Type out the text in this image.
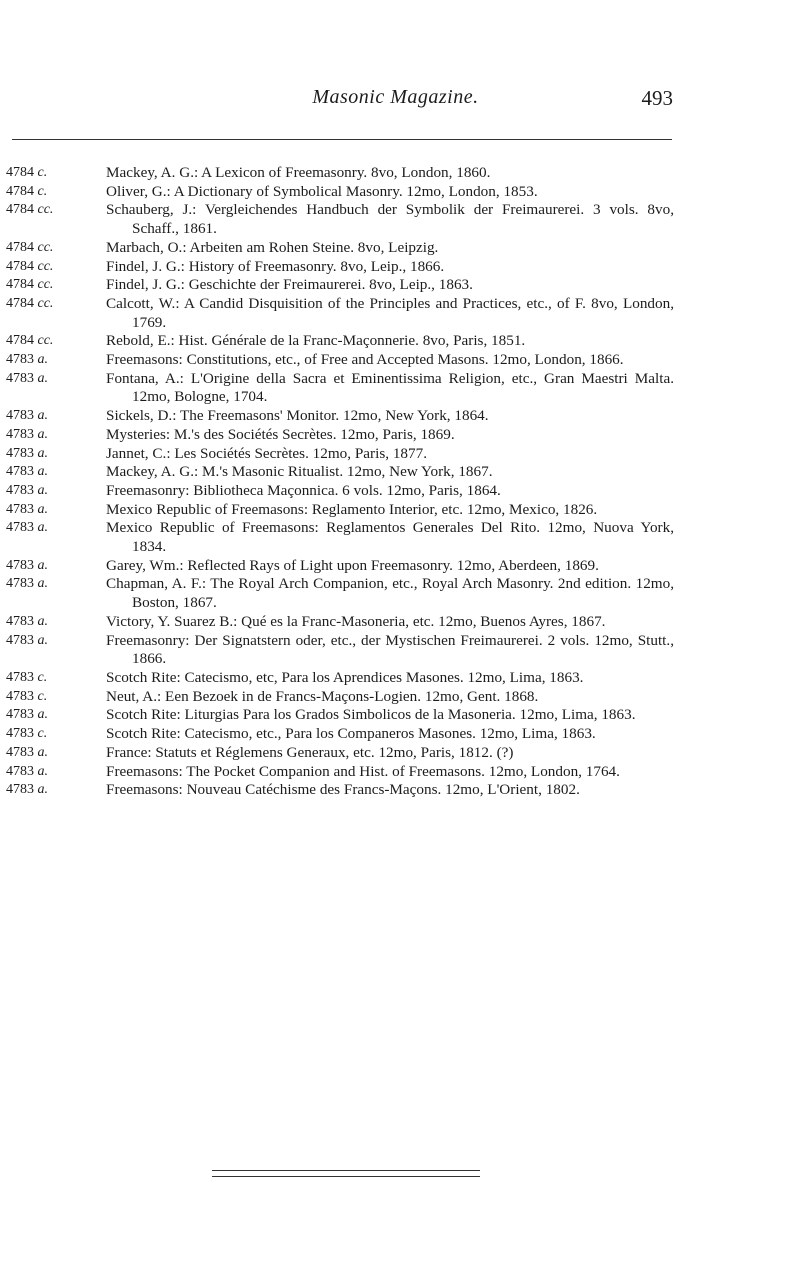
Masonic Magazine.	493
4784 c.	Mackey, A. G.: A Lexicon of Freemasonry. 8vo, London, 1860.
4784 c.	Oliver, G.: A Dictionary of Symbolical Masonry. 12mo, London, 1853.
4784 cc.	Schauberg, J.: Vergleichendes Handbuch der Symbolik der Freimaurerei. 3 vols. 8vo, Schaff., 1861.
4784 cc.	Marbach, O.: Arbeiten am Rohen Steine. 8vo, Leipzig.
4784 cc.	Findel, J. G.: History of Freemasonry. 8vo, Leip., 1866.
4784 cc.	Findel, J. G.: Geschichte der Freimaurerei. 8vo, Leip., 1863.
4784 cc.	Calcott, W.: A Candid Disquisition of the Principles and Practices, etc., of F. 8vo, London, 1769.
4784 cc.	Rebold, E.: Hist. Générale de la Franc-Maçonnerie. 8vo, Paris, 1851.
4783 a.	Freemasons: Constitutions, etc., of Free and Accepted Masons. 12mo, London, 1866.
4783 a.	Fontana, A.: L'Origine della Sacra et Eminentissima Religion, etc., Gran Maestri Malta. 12mo, Bologne, 1704.
4783 a.	Sickels, D.: The Freemasons' Monitor. 12mo, New York, 1864.
4783 a.	Mysteries: M.'s des Sociétés Secrètes. 12mo, Paris, 1869.
4783 a.	Jannet, C.: Les Sociétés Secrètes. 12mo, Paris, 1877.
4783 a.	Mackey, A. G.: M.'s Masonic Ritualist. 12mo, New York, 1867.
4783 a.	Freemasonry: Bibliotheca Maçonnica. 6 vols. 12mo, Paris, 1864.
4783 a.	Mexico Republic of Freemasons: Reglamento Interior, etc. 12mo, Mexico, 1826.
4783 a.	Mexico Republic of Freemasons: Reglamentos Generales Del Rito. 12mo, Nuova York, 1834.
4783 a.	Garey, Wm.: Reflected Rays of Light upon Freemasonry. 12mo, Aberdeen, 1869.
4783 a.	Chapman, A. F.: The Royal Arch Companion, etc., Royal Arch Masonry. 2nd edition. 12mo, Boston, 1867.
4783 a.	Victory, Y. Suarez B.: Qué es la Franc-Masoneria, etc. 12mo, Buenos Ayres, 1867.
4783 a.	Freemasonry: Der Signatstern oder, etc., der Mystischen Freimaurerei. 2 vols. 12mo, Stutt., 1866.
4783 c.	Scotch Rite: Catecismo, etc, Para los Aprendices Masones. 12mo, Lima, 1863.
4783 c.	Neut, A.: Een Bezoek in de Francs-Maçons-Logien. 12mo, Gent. 1868.
4783 a.	Scotch Rite: Liturgias Para los Grados Simbolicos de la Masoneria. 12mo, Lima, 1863.
4783 c.	Scotch Rite: Catecismo, etc., Para los Companeros Masones. 12mo, Lima, 1863.
4783 a.	France: Statuts et Réglemens Generaux, etc. 12mo, Paris, 1812. (?)
4783 a.	Freemasons: The Pocket Companion and Hist. of Freemasons. 12mo, London, 1764.
4783 a.	Freemasons: Nouveau Catéchisme des Francs-Maçons. 12mo, L'Orient, 1802.
